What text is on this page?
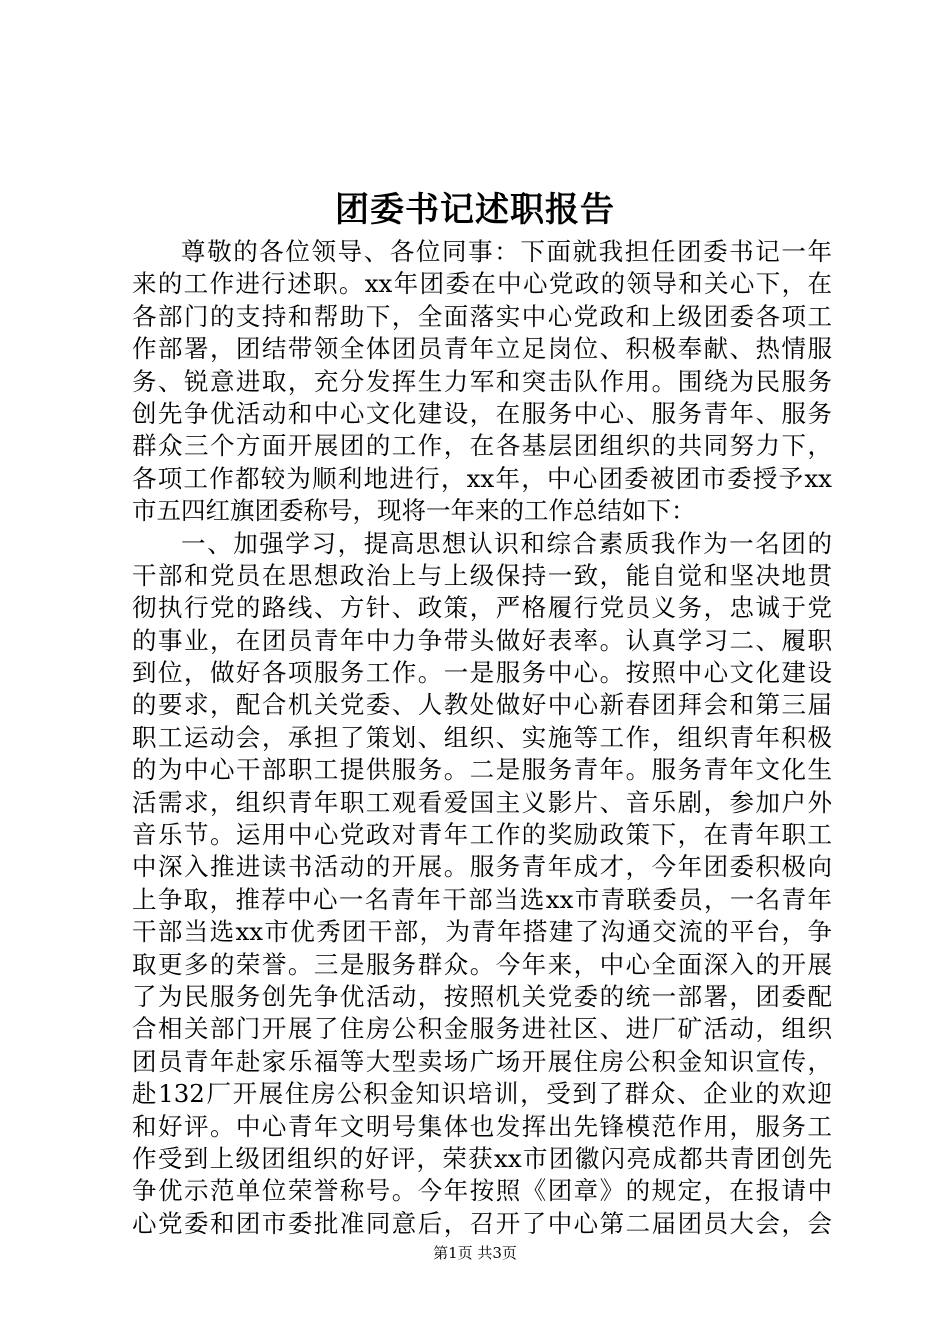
团委书记述职报告
尊敬的各位领导、各位同事：下面就我担任团委书记一年
来的工作进行述职。xx年团委在中心党政的领导和关心下，在
各部门的支持和帮助下，全面落实中心党政和上级团委各项工
作部署，团结带领全体团员青年立足岗位、积极奉献、热情服
务、锐意进取，充分发挥生力军和突击队作用。围绕为民服务
创先争优活动和中心文化建设，在服务中心、服务青年、服务
群众三个方面开展团的工作，在各基层团组织的共同努力下，
各项工作都较为顺利地进行，xx年，中心团委被团市委授予xx
市五四红旗团委称号，现将一年来的工作总结如下：
一、加强学习，提高思想认识和综合素质我作为一名团的
干部和党员在思想政治上与上级保持一致，能自觉和坚决地贯
彻执行党的路线、方针、政策，严格履行党员义务，忠诚于党
的事业，在团员青年中力争带头做好表率。认真学习二、履职
到位，做好各项服务工作。一是服务中心。按照中心文化建设
的要求，配合机关党委、人教处做好中心新春团拜会和第三届
职工运动会，承担了策划、组织、实施等工作，组织青年积极
的为中心干部职工提供服务。二是服务青年。服务青年文化生
活需求，组织青年职工观看爱国主义影片、音乐剧，参加户外
音乐节。运用中心党政对青年工作的奖励政策下，在青年职工
中深入推进读书活动的开展。服务青年成才，今年团委积极向
上争取，推荐中心一名青年干部当选xx市青联委员，一名青年
干部当选xx市优秀团干部，为青年搭建了沟通交流的平台，争
取更多的荣誉。三是服务群众。今年来，中心全面深入的开展
了为民服务创先争优活动，按照机关党委的统一部署，团委配
合相关部门开展了住房公积金服务进社区、进厂矿活动，组织
团员青年赴家乐福等大型卖场广场开展住房公积金知识宣传，
赴132厂开展住房公积金知识培训，受到了群众、企业的欢迎
和好评。中心青年文明号集体也发挥出先锋模范作用，服务工
作受到上级团组织的好评，荣获xx市团徽闪亮成都共青团创先
争优示范单位荣誉称号。今年按照《团章》的规定，在报请中
心党委和团市委批准同意后，召开了中心第二届团员大会，会
第1页 共3页
